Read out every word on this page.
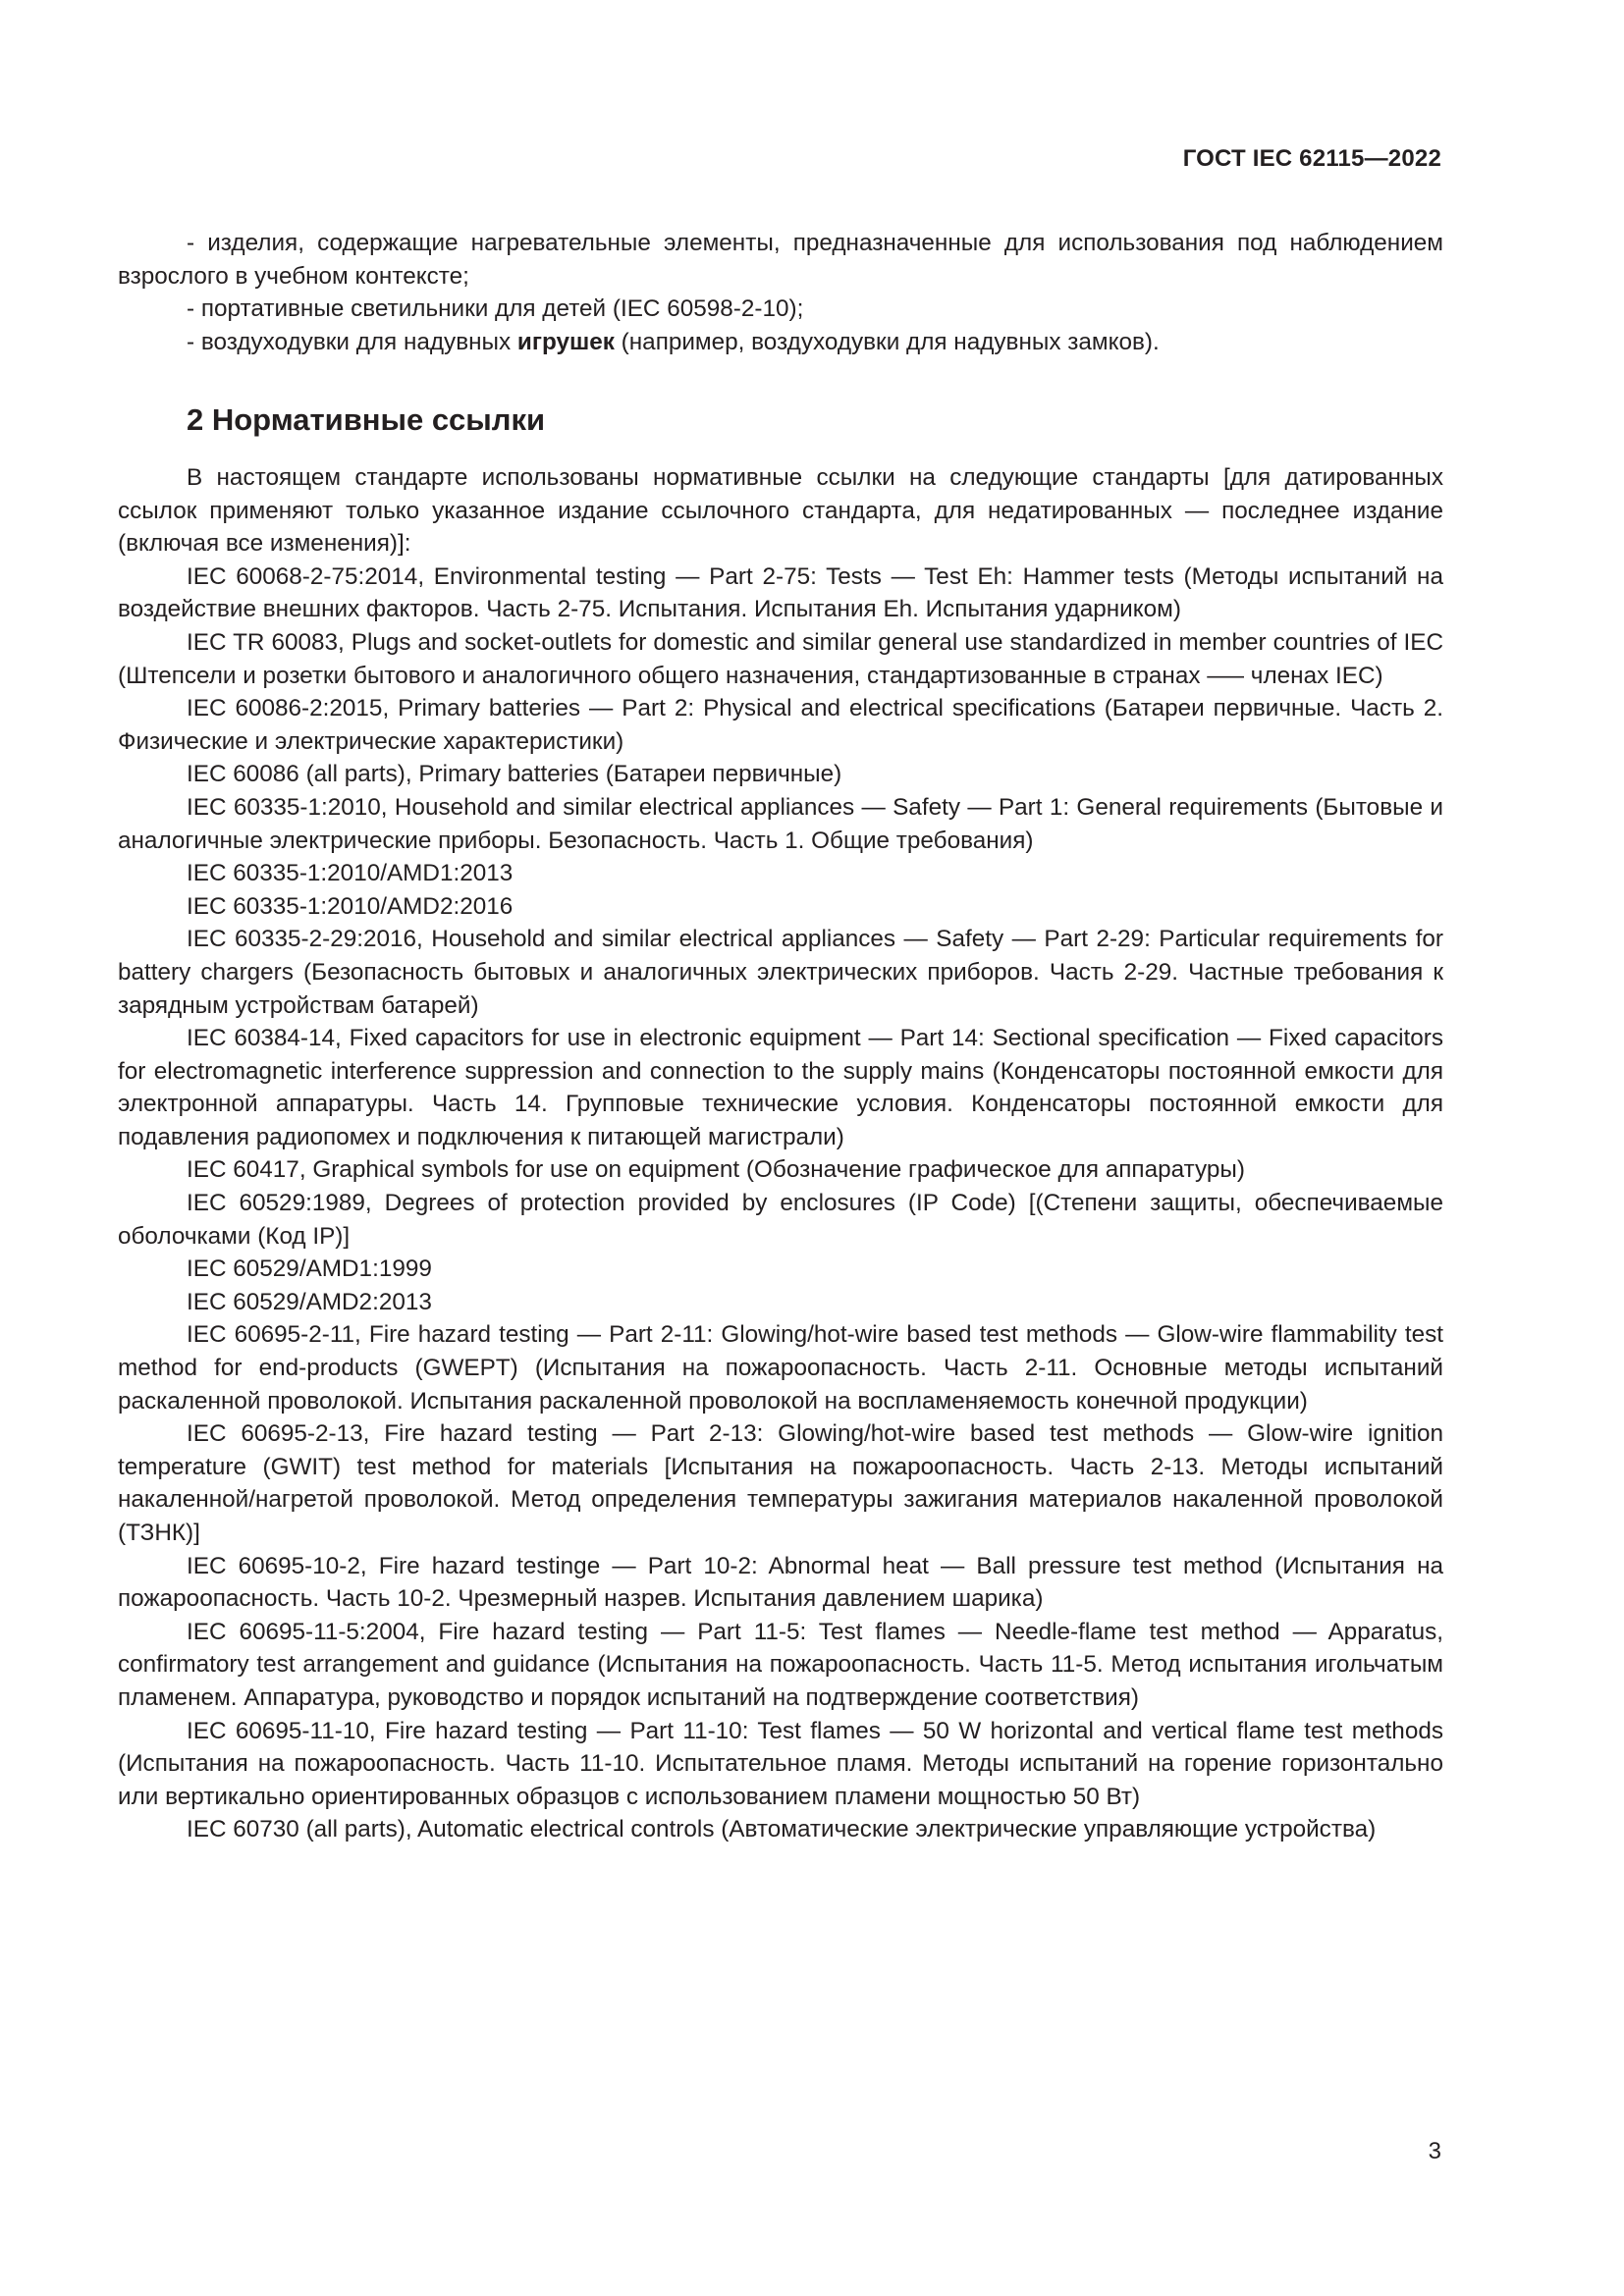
ГОСТ IEC 62115—2022

- изделия, содержащие нагревательные элементы, предназначенные для использования под наблюдением взрослого в учебном контексте;

- портативные светильники для детей (IEC 60598-2-10);

- воздуходувки для надувных игрушек (например, воздуходувки для надувных замков).

2 Нормативные ссылки

В настоящем стандарте использованы нормативные ссылки на следующие стандарты [для датированных ссылок применяют только указанное издание ссылочного стандарта, для недатированных — последнее издание (включая все изменения)]:

IEC 60068-2-75:2014, Environmental testing — Part 2-75: Tests — Test Eh: Hammer tests (Методы испытаний на воздействие внешних факторов. Часть 2-75. Испытания. Испытания Eh. Испытания ударником)

IEC TR 60083, Plugs and socket-outlets for domestic and similar general use standardized in member countries of IEC (Штепсели и розетки бытового и аналогичного общего назначения, стандартизованные в странах —– членах IEC)

IEC 60086-2:2015, Primary batteries — Part 2: Physical and electrical specifications (Батареи первичные. Часть 2. Физические и электрические характеристики)

IEC 60086 (all parts), Primary batteries (Батареи первичные)

IEC 60335-1:2010, Household and similar electrical appliances — Safety — Part 1: General requirements (Бытовые и аналогичные электрические приборы. Безопасность. Часть 1. Общие требования)

IEC 60335-1:2010/AMD1:2013

IEC 60335-1:2010/AMD2:2016

IEC 60335-2-29:2016, Household and similar electrical appliances — Safety — Part 2-29: Particular requirements for battery chargers (Безопасность бытовых и аналогичных электрических приборов. Часть 2-29. Частные требования к зарядным устройствам батарей)

IEC 60384-14, Fixed capacitors for use in electronic equipment — Part 14: Sectional specification — Fixed capacitors for electromagnetic interference suppression and connection to the supply mains (Конденсаторы постоянной емкости для электронной аппаратуры. Часть 14. Групповые технические условия. Конденсаторы постоянной емкости для подавления радиопомех и подключения к питающей магистрали)

IEC 60417, Graphical symbols for use on equipment (Обозначение графическое для аппаратуры)

IEC 60529:1989, Degrees of protection provided by enclosures (IP Code) [(Степени защиты, обеспечиваемые оболочками (Код IP)]

IEC 60529/AMD1:1999

IEC 60529/AMD2:2013

IEC 60695-2-11, Fire hazard testing — Part 2-11: Glowing/hot-wire based test methods — Glow-wire flammability test method for end-products (GWEPT) (Испытания на пожароопасность. Часть 2-11. Основные методы испытаний раскаленной проволокой. Испытания раскаленной проволокой на воспламеняемость конечной продукции)

IEC 60695-2-13, Fire hazard testing — Part 2-13: Glowing/hot-wire based test methods — Glow-wire ignition temperature (GWIT) test method for materials [Испытания на пожароопасность. Часть 2-13. Методы испытаний накаленной/нагретой проволокой. Метод определения температуры зажигания материалов накаленной проволокой (ТЗНК)]

IEC 60695-10-2, Fire hazard testinge — Part 10-2: Abnormal heat — Ball pressure test method (Испытания на пожароопасность. Часть 10-2. Чрезмерный назрев. Испытания давлением шарика)

IEC 60695-11-5:2004, Fire hazard testing — Part 11-5: Test flames — Needle-flame test method — Apparatus, confirmatory test arrangement and guidance (Испытания на пожароопасность. Часть 11-5. Метод испытания игольчатым пламенем. Аппаратура, руководство и порядок испытаний на подтверждение соответствия)

IEC 60695-11-10, Fire hazard testing — Part 11-10: Test flames — 50 W horizontal and vertical flame test methods (Испытания на пожароопасность. Часть 11-10. Испытательное пламя. Методы испытаний на горение горизонтально или вертикально ориентированных образцов с использованием пламени мощностью 50 Вт)

IEC 60730 (all parts), Automatic electrical controls (Автоматические электрические управляющие устройства)

3
